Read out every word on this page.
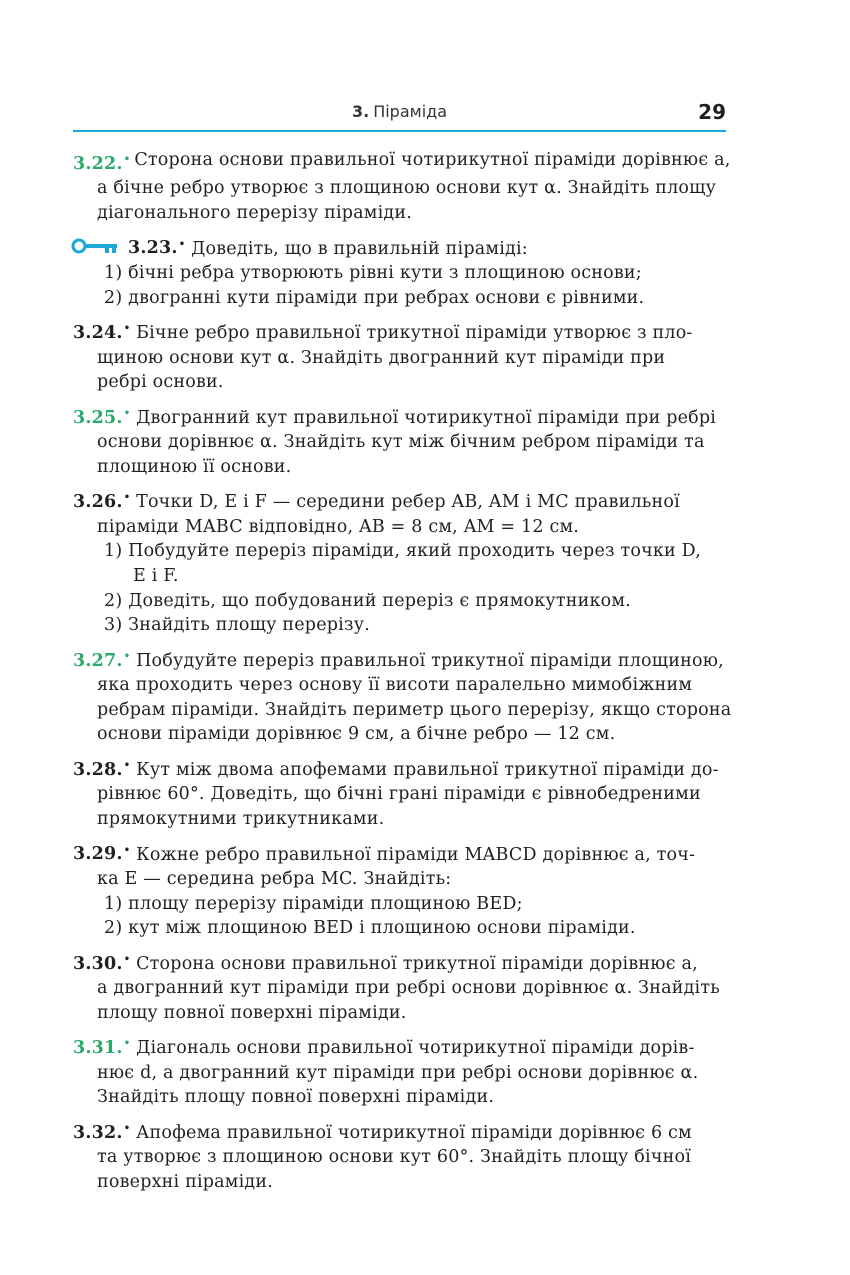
3. Піраміда	29
3.22.• Сторона основи правильної чотирикутної піраміди дорівнює a,
а бічне ребро утворює з площиною основи кут α. Знайдіть площу
діагонального перерізу піраміди.
3.23.• Доведіть, що в правильній піраміді:
1) бічні ребра утворюють рівні кути з площиною основи;
2) двогранні кути піраміди при ребрах основи є рівними.
3.24.• Бічне ребро правильної трикутної піраміди утворює з пло-
щиною основи кут α. Знайдіть двогранний кут піраміди при
ребрі основи.
3.25.• Двогранний кут правильної чотирикутної піраміди при ребрі
основи дорівнює α. Знайдіть кут між бічним ребром піраміди та
площиною її основи.
3.26.• Точки D, E і F — середини ребер AB, AM і MC правильної
піраміди MABC відповідно, AB = 8 см, AM = 12 см.
1) Побудуйте переріз піраміди, який проходить через точки D,
E і F.
2) Доведіть, що побудований переріз є прямокутником.
3) Знайдіть площу перерізу.
3.27.• Побудуйте переріз правильної трикутної піраміди площиною,
яка проходить через основу її висоти паралельно мимобіжним
ребрам піраміди. Знайдіть периметр цього перерізу, якщо сторона
основи піраміди дорівнює 9 см, а бічне ребро — 12 см.
3.28.• Кут між двома апофемами правильної трикутної піраміди до-
рівнює 60°. Доведіть, що бічні грані піраміди є рівнобедреними
прямокутними трикутниками.
3.29.• Кожне ребро правильної піраміди MABCD дорівнює a, точ-
ка E — середина ребра MC. Знайдіть:
1) площу перерізу піраміди площиною BED;
2) кут між площиною BED і площиною основи піраміди.
3.30.• Сторона основи правильної трикутної піраміди дорівнює a,
а двогранний кут піраміди при ребрі основи дорівнює α. Знайдіть
площу повної поверхні піраміди.
3.31.• Діагональ основи правильної чотирикутної піраміди дорів-
нює d, а двогранний кут піраміди при ребрі основи дорівнює α.
Знайдіть площу повної поверхні піраміди.
3.32.• Апофема правильної чотирикутної піраміди дорівнює 6 см
та утворює з площиною основи кут 60°. Знайдіть площу бічної
поверхні піраміди.
